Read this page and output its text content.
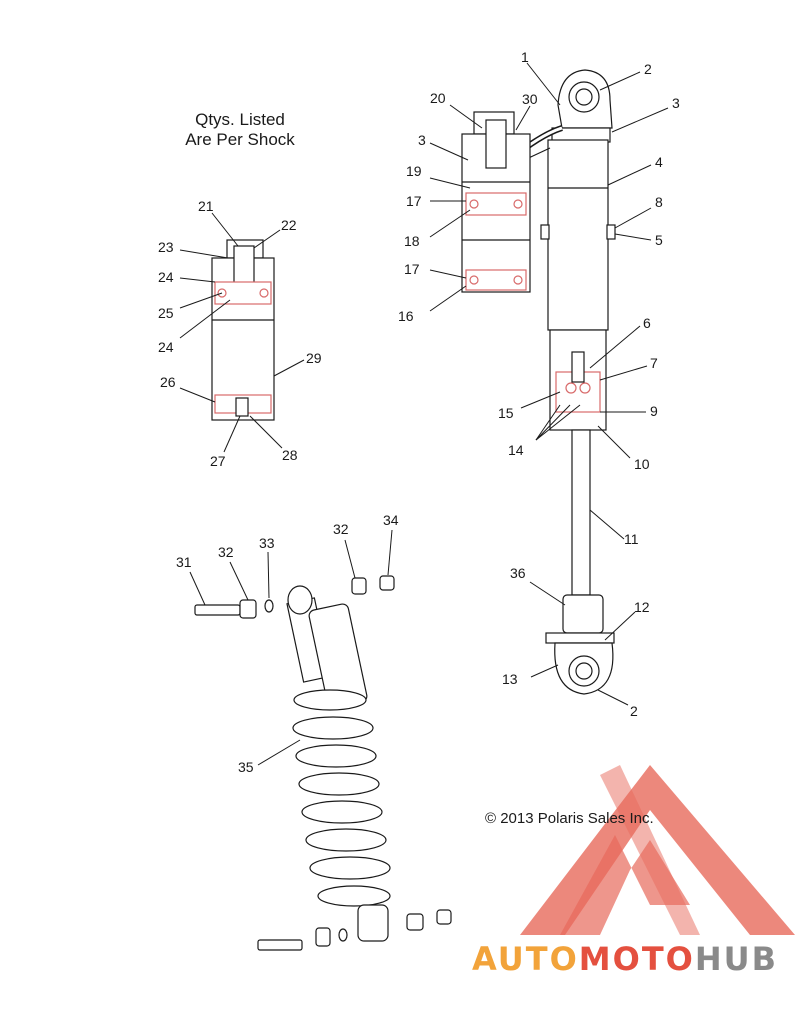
1
2
3
4
8
5
6
7
9
10
11
12
13
2
14
15
36
16
17
18
17
19
3
20	30
21
22
23
24
25
24
29
26
27	28
31
32
33
32
34
35
Qtys. Listed
Are Per Shock
© 2013 Polaris Sales Inc.
AUTOMOTOHUB
